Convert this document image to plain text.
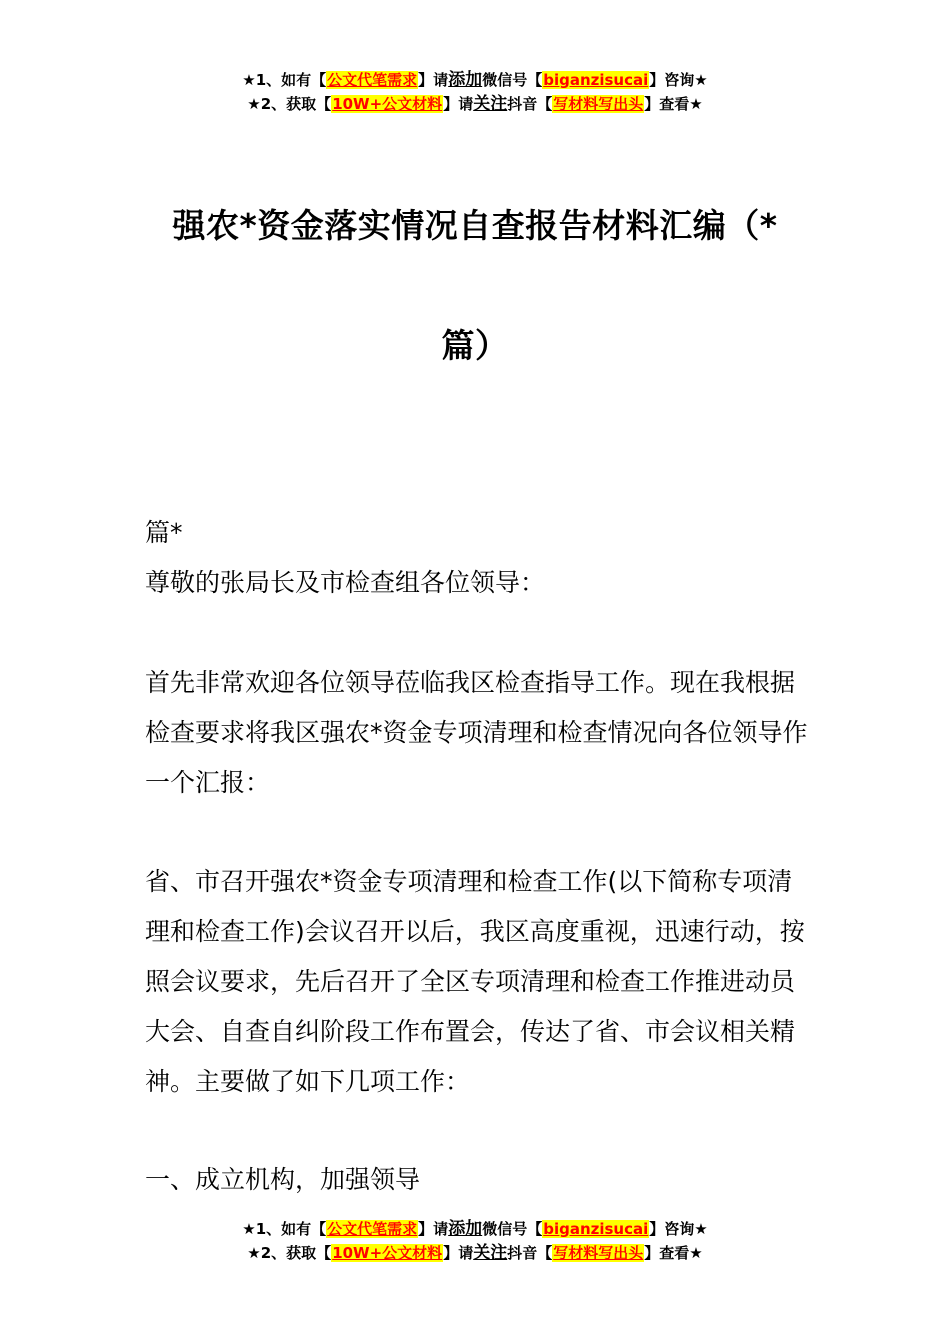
★1、如有【公文代笔需求】请添加微信号【biganzisucai】咨询★
★2、获取【10W+公文材料】请关注抖音【写材料写出头】查看★
强农*资金落实情况自查报告材料汇编（*
篇）
篇*
尊敬的张局长及市检查组各位领导：
首先非常欢迎各位领导莅临我区检查指导工作。现在我根据检查要求将我区强农*资金专项清理和检查情况向各位领导作一个汇报：
省、市召开强农*资金专项清理和检查工作(以下简称专项清理和检查工作)会议召开以后，我区高度重视，迅速行动，按照会议要求，先后召开了全区专项清理和检查工作推进动员大会、自查自纠阶段工作布置会，传达了省、市会议相关精神。主要做了如下几项工作：
一、成立机构，加强领导
★1、如有【公文代笔需求】请添加微信号【biganzisucai】咨询★
★2、获取【10W+公文材料】请关注抖音【写材料写出头】查看★
